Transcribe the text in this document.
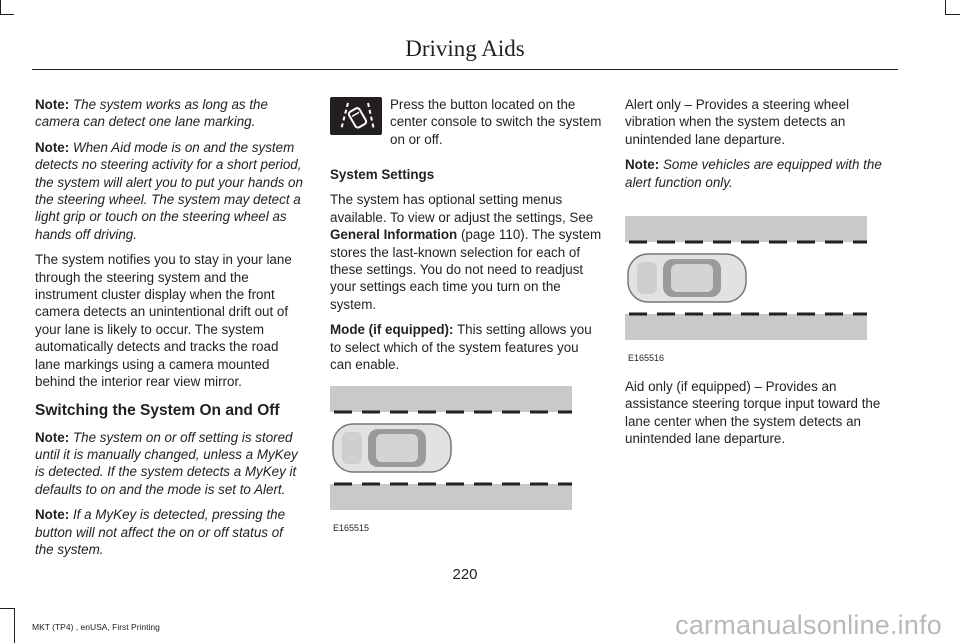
Driving Aids

Note: The system works as long as the camera can detect one lane marking.

Note: When Aid mode is on and the system detects no steering activity for a short period, the system will alert you to put your hands on the steering wheel. The system may detect a light grip or touch on the steering wheel as hands off driving.

The system notifies you to stay in your lane through the steering system and the instrument cluster display when the front camera detects an unintentional drift out of your lane is likely to occur. The system automatically detects and tracks the road lane markings using a camera mounted behind the interior rear view mirror.

Switching the System On and Off

Note: The system on or off setting is stored until it is manually changed, unless a MyKey is detected. If the system detects a MyKey it defaults to on and the mode is set to Alert.

Note: If a MyKey is detected, pressing the button will not affect the on or off status of the system.

Press the button located on the center console to switch the system on or off.
System Settings

The system has optional setting menus available. To view or adjust the settings, See General Information (page 110). The system stores the last-known selection for each of these settings. You do not need to readjust your settings each time you turn on the system.

Mode (if equipped): This setting allows you to select which of the system features you can enable.

E165515

Alert only – Provides a steering wheel vibration when the system detects an unintended lane departure.

Note: Some vehicles are equipped with the alert function only.

E165516
Aid only (if equipped) – Provides an assistance steering torque input toward the lane center when the system detects an unintended lane departure.
220
MKT (TP4) , enUSA, First Printing	carmanualsonline.info
